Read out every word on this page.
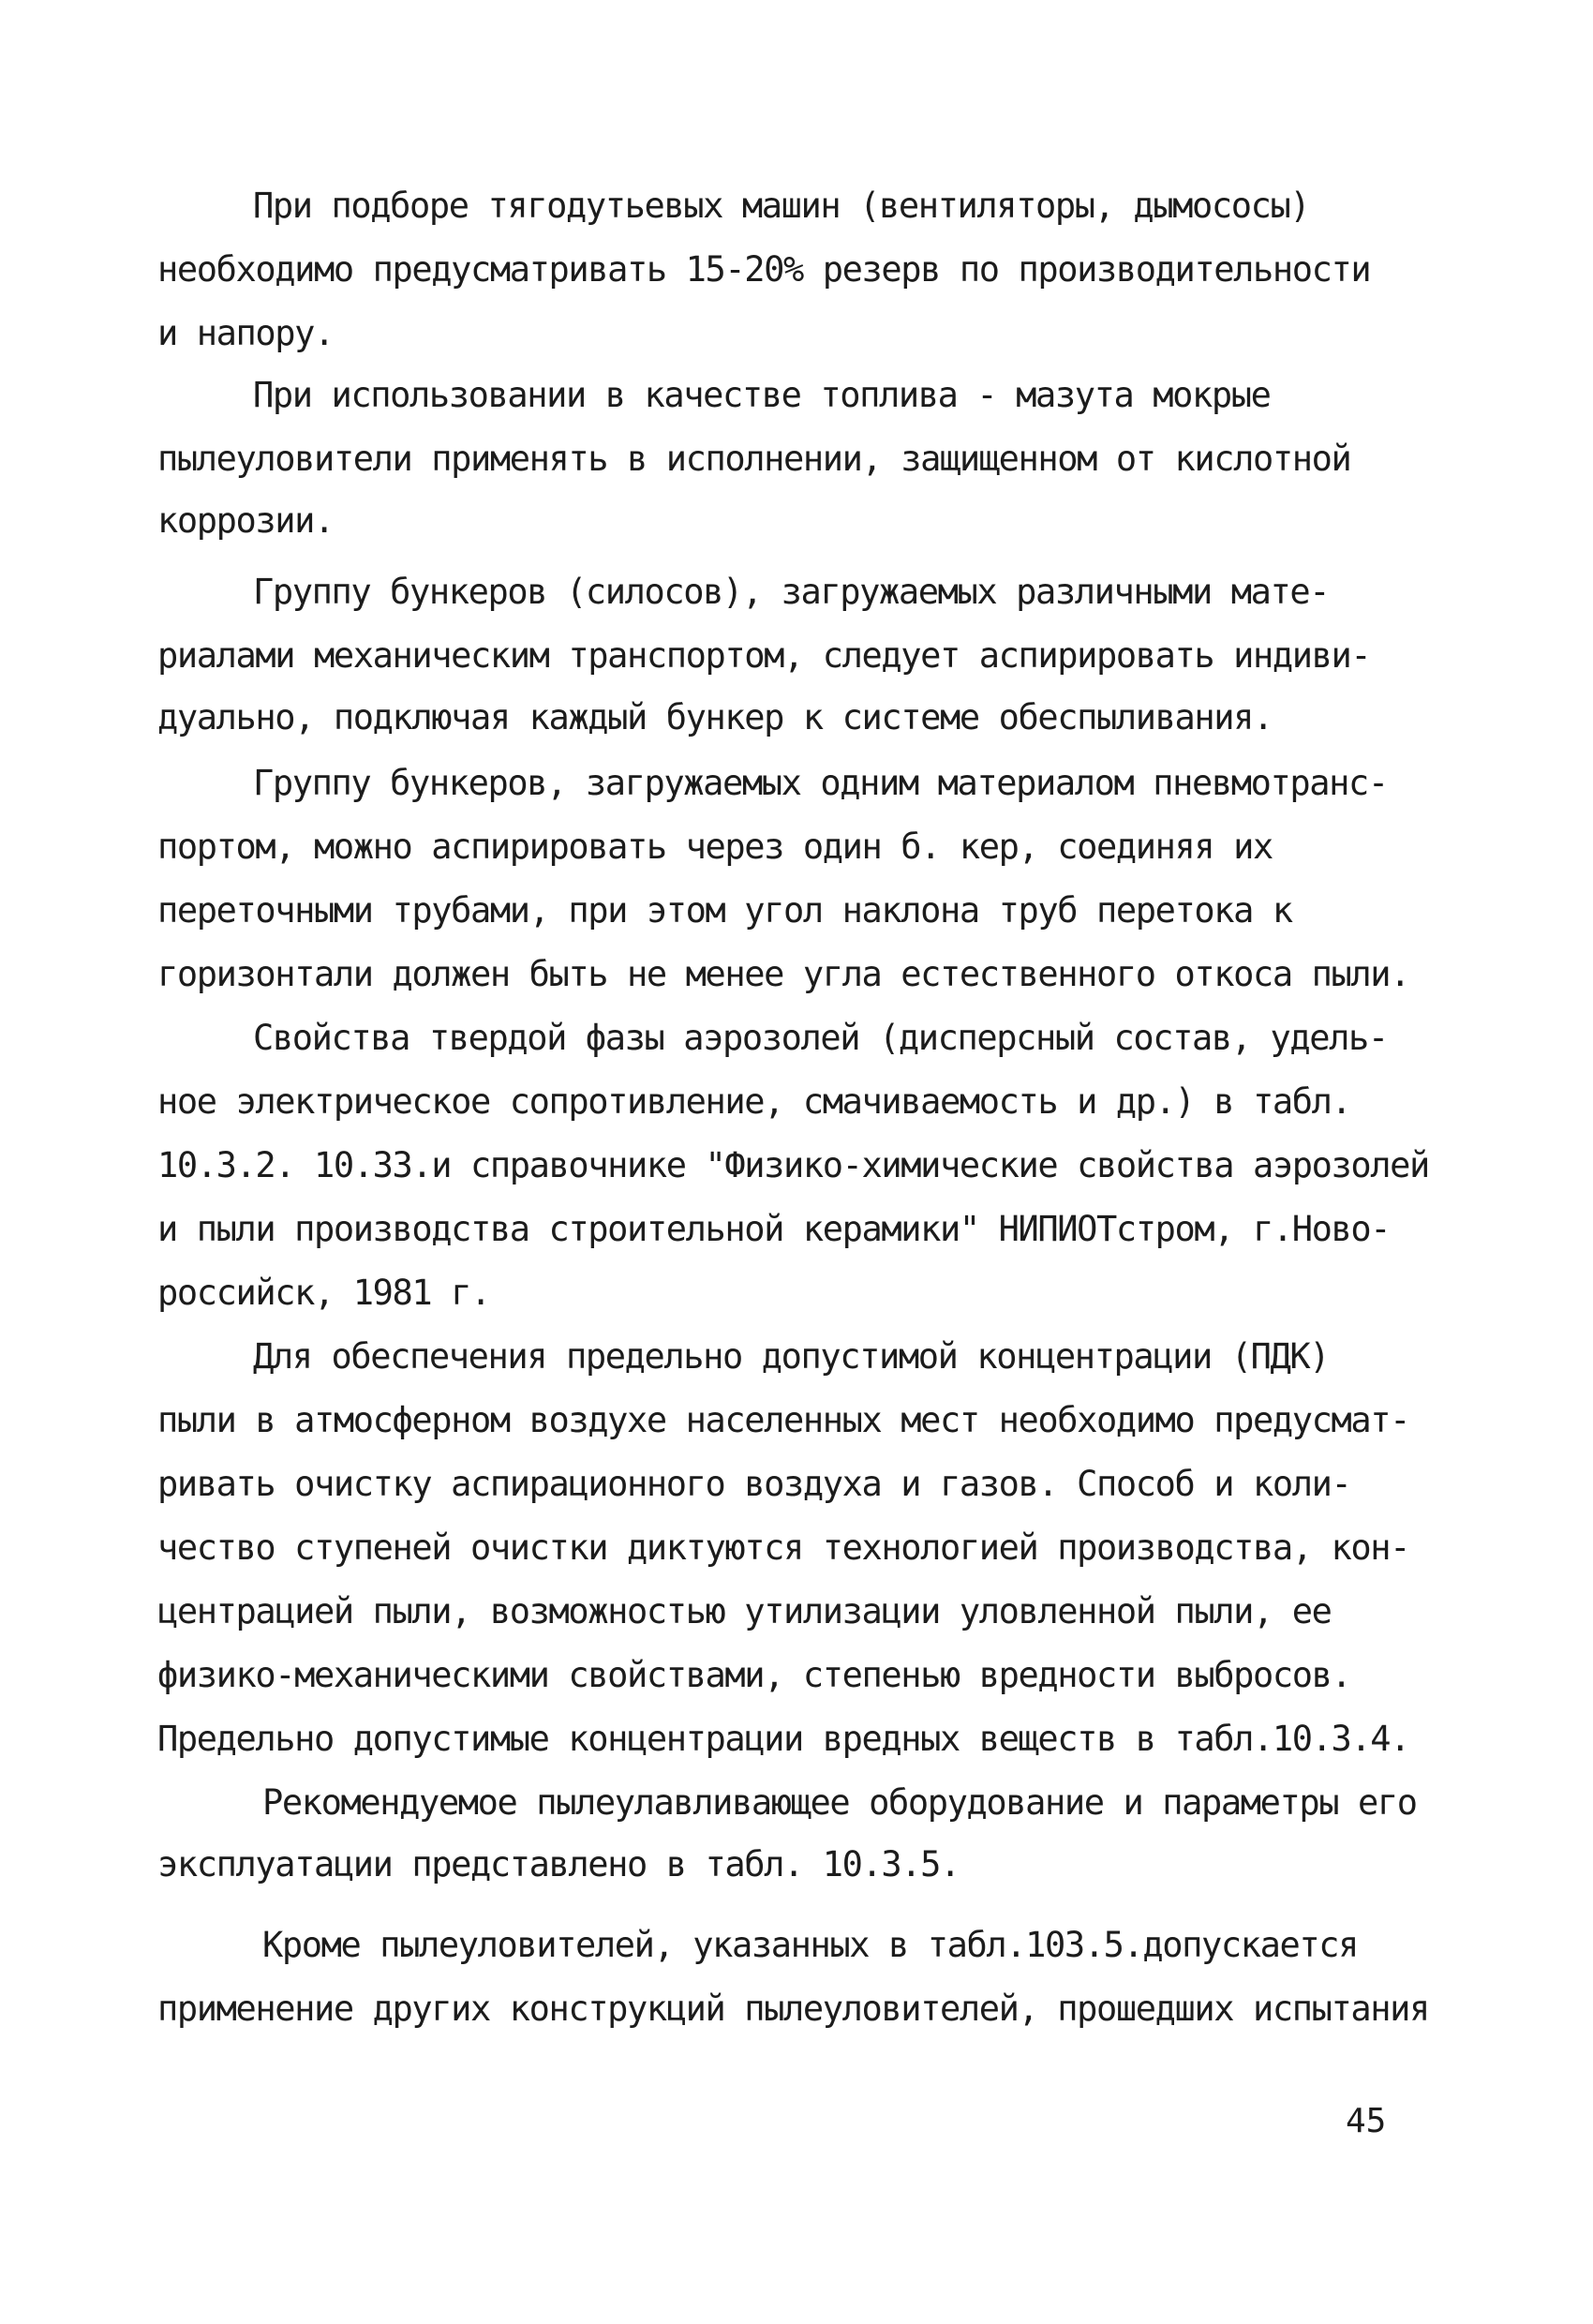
При подборе тягодутьевых машин (вентиляторы, дымососы)
необходимо предусматривать 15-20% резерв по производительности
и напору.
При использовании в качестве топлива - мазута мокрые
пылеуловители применять в исполнении, защищенном от кислотной
коррозии.
Группу бункеров (силосов), загружаемых различными мате-
риалами механическим транспортом, следует аспирировать индиви-
дуально, подключая каждый бункер к системе обеспыливания.
Группу бункеров, загружаемых одним материалом пневмотранс-
портом, можно аспирировать через один б. кер, соединяя их
переточными трубами, при этом угол наклона труб перетока к
горизонтали должен быть не менее угла естественного откоса пыли.
Свойства твердой фазы аэрозолей (дисперсный состав, удель-
ное электрическое сопротивление, смачиваемость и др.) в табл.
10.3.2. 10.33.и справочнике "Физико-химические свойства аэрозолей
и пыли производства строительной керамики" НИПИОТстром, г.Ново-
российск, 1981 г.
Для обеспечения предельно допустимой концентрации (ПДК)
пыли в атмосферном воздухе населенных мест необходимо предусмат-
ривать очистку аспирационного воздуха и газов. Способ и коли-
чество ступеней очистки диктуются технологией производства, кон-
центрацией пыли, возможностью утилизации уловленной пыли, ее
физико-механическими свойствами, степенью вредности выбросов.
Предельно допустимые концентрации вредных веществ в табл.10.3.4.
Рекомендуемое пылеулавливающее оборудование и параметры его
эксплуатации представлено в табл. 10.3.5.
Кроме пылеуловителей, указанных в табл.103.5.допускается
применение других конструкций пылеуловителей, прошедших испытания
45
